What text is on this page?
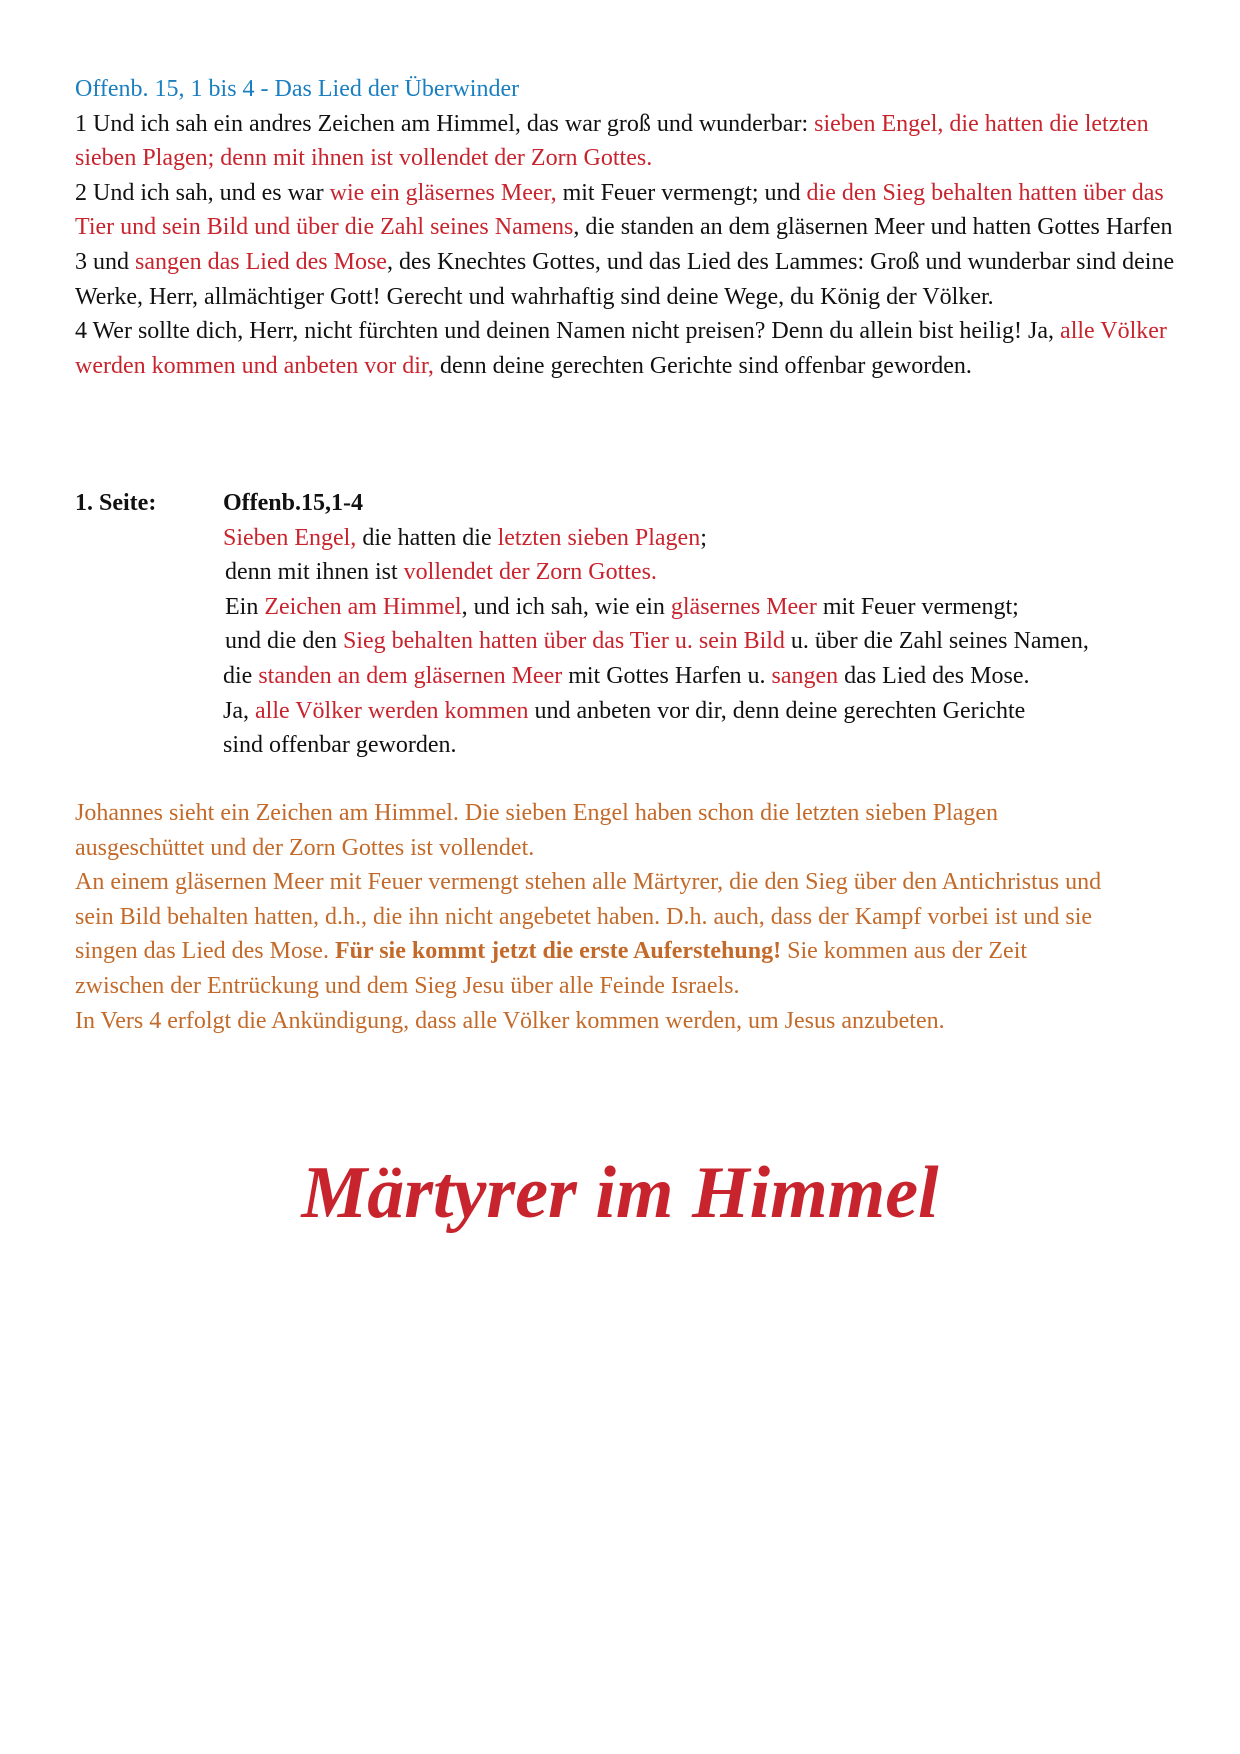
Offenb. 15, 1 bis 4 - Das Lied der Überwinder
1 Und ich sah ein andres Zeichen am Himmel, das war groß und wunderbar: sieben Engel, die hatten die letzten sieben Plagen; denn mit ihnen ist vollendet der Zorn Gottes.
2 Und ich sah, und es war wie ein gläsernes Meer, mit Feuer vermengt; und die den Sieg behalten hatten über das Tier und sein Bild und über die Zahl seines Namens, die standen an dem gläsernen Meer und hatten Gottes Harfen
3 und sangen das Lied des Mose, des Knechtes Gottes, und das Lied des Lammes: Groß und wunderbar sind deine Werke, Herr, allmächtiger Gott! Gerecht und wahrhaftig sind deine Wege, du König der Völker.
4 Wer sollte dich, Herr, nicht fürchten und deinen Namen nicht preisen? Denn du allein bist heilig! Ja, alle Völker werden kommen und anbeten vor dir, denn deine gerechten Gerichte sind offenbar geworden.
1. Seite:	Offenb.15,1-4
Sieben Engel, die hatten die letzten sieben Plagen;
denn mit ihnen ist vollendet der Zorn Gottes.
Ein Zeichen am Himmel, und ich sah, wie ein gläsernes Meer mit Feuer vermengt;
und die den Sieg behalten hatten über das Tier u. sein Bild u. über die Zahl seines Namen,
die standen an dem gläsernen Meer mit Gottes Harfen u. sangen das Lied des Mose.
Ja, alle Völker werden kommen und anbeten vor dir, denn deine gerechten Gerichte
sind offenbar geworden.
Johannes sieht ein Zeichen am Himmel. Die sieben Engel haben schon die letzten sieben Plagen
ausgeschüttet und der Zorn Gottes ist vollendet.
An einem gläsernen Meer mit Feuer vermengt stehen alle Märtyrer, die den Sieg über den Antichristus und
sein Bild behalten hatten, d.h., die ihn nicht angebetet haben. D.h. auch, dass der Kampf vorbei ist und sie
singen das Lied des Mose. Für sie kommt jetzt die erste Auferstehung! Sie kommen aus der Zeit
zwischen der Entrückung und dem Sieg Jesu über alle Feinde Israels.
In Vers 4 erfolgt die Ankündigung, dass alle Völker kommen werden, um Jesus anzubeten.
Märtyrer im Himmel
